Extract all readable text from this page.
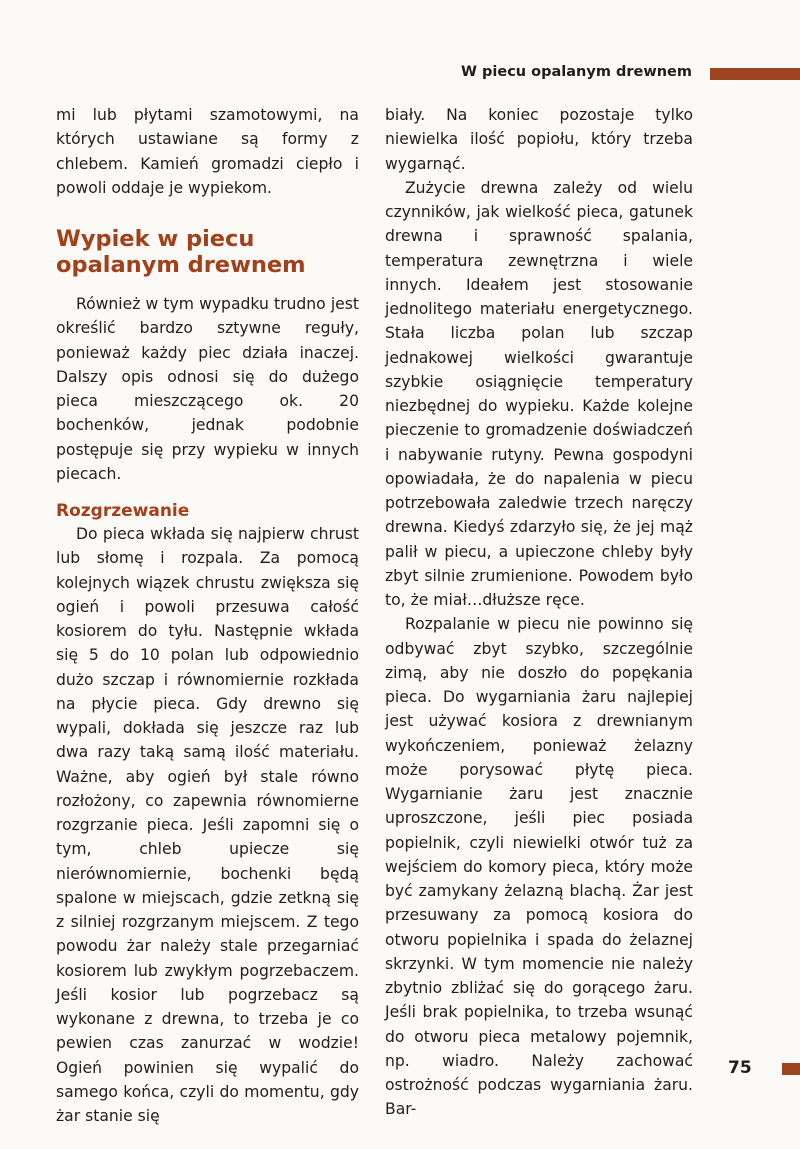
W piecu opalanym drewnem

mi lub płytami szamotowymi, na których ustawiane są formy z chlebem. Kamień gromadzi ciepło i powoli oddaje je wypiekom.

Wypiek w piecu opalanym drewnem

Również w tym wypadku trudno jest określić bardzo sztywne reguły, ponieważ każdy piec działa inaczej. Dalszy opis odnosi się do dużego pieca mieszczącego ok. 20 bochenków, jednak podobnie postępuje się przy wypieku w innych piecach.

Rozgrzewanie

Do pieca wkłada się najpierw chrust lub słomę i rozpala. Za pomocą kolejnych wiązek chrustu zwiększa się ogień i powoli przesuwa całość kosiorem do tyłu. Następnie wkłada się 5 do 10 polan lub odpowiednio dużo szczap i równomiernie rozkłada na płycie pieca. Gdy drewno się wypali, dokłada się jeszcze raz lub dwa razy taką samą ilość materiału. Ważne, aby ogień był stale równo rozłożony, co zapewnia równomierne rozgrzanie pieca. Jeśli zapomni się o tym, chleb upiecze się nierównomiernie, bochenki będą spalone w miejscach, gdzie zetkną się z silniej rozgrzanym miejscem. Z tego powodu żar należy stale przegarniać kosiorem lub zwykłym pogrzebaczem. Jeśli kosior lub pogrzebacz są wykonane z drewna, to trzeba je co pewien czas zanurzać w wodzie! Ogień powinien się wypalić do samego końca, czyli do momentu, gdy żar stanie się

biały. Na koniec pozostaje tylko niewielka ilość popiołu, który trzeba wygarnąć.

Zużycie drewna zależy od wielu czynników, jak wielkość pieca, gatunek drewna i sprawność spalania, temperatura zewnętrzna i wiele innych. Ideałem jest stosowanie jednolitego materiału energetycznego. Stała liczba polan lub szczap jednakowej wielkości gwarantuje szybkie osiągnięcie temperatury niezbędnej do wypieku. Każde kolejne pieczenie to gromadzenie doświadczeń i nabywanie rutyny. Pewna gospodyni opowiadała, że do napalenia w piecu potrzebowała zaledwie trzech naręczy drewna. Kiedyś zdarzyło się, że jej mąż palił w piecu, a upieczone chleby były zbyt silnie zrumienione. Powodem było to, że miał…dłuższe ręce.

Rozpalanie w piecu nie powinno się odbywać zbyt szybko, szczególnie zimą, aby nie doszło do popękania pieca. Do wygarniania żaru najlepiej jest używać kosiora z drewnianym wykończeniem, ponieważ żelazny może porysować płytę pieca. Wygarnianie żaru jest znacznie uproszczone, jeśli piec posiada popielnik, czyli niewielki otwór tuż za wejściem do komory pieca, który może być zamykany żelazną blachą. Żar jest przesuwany za pomocą kosiora do otworu popielnika i spada do żelaznej skrzynki. W tym momencie nie należy zbytnio zbliżać się do gorącego żaru. Jeśli brak popielnika, to trzeba wsunąć do otworu pieca metalowy pojemnik, np. wiadro. Należy zachować ostrożność podczas wygarniania żaru. Bar-

75
